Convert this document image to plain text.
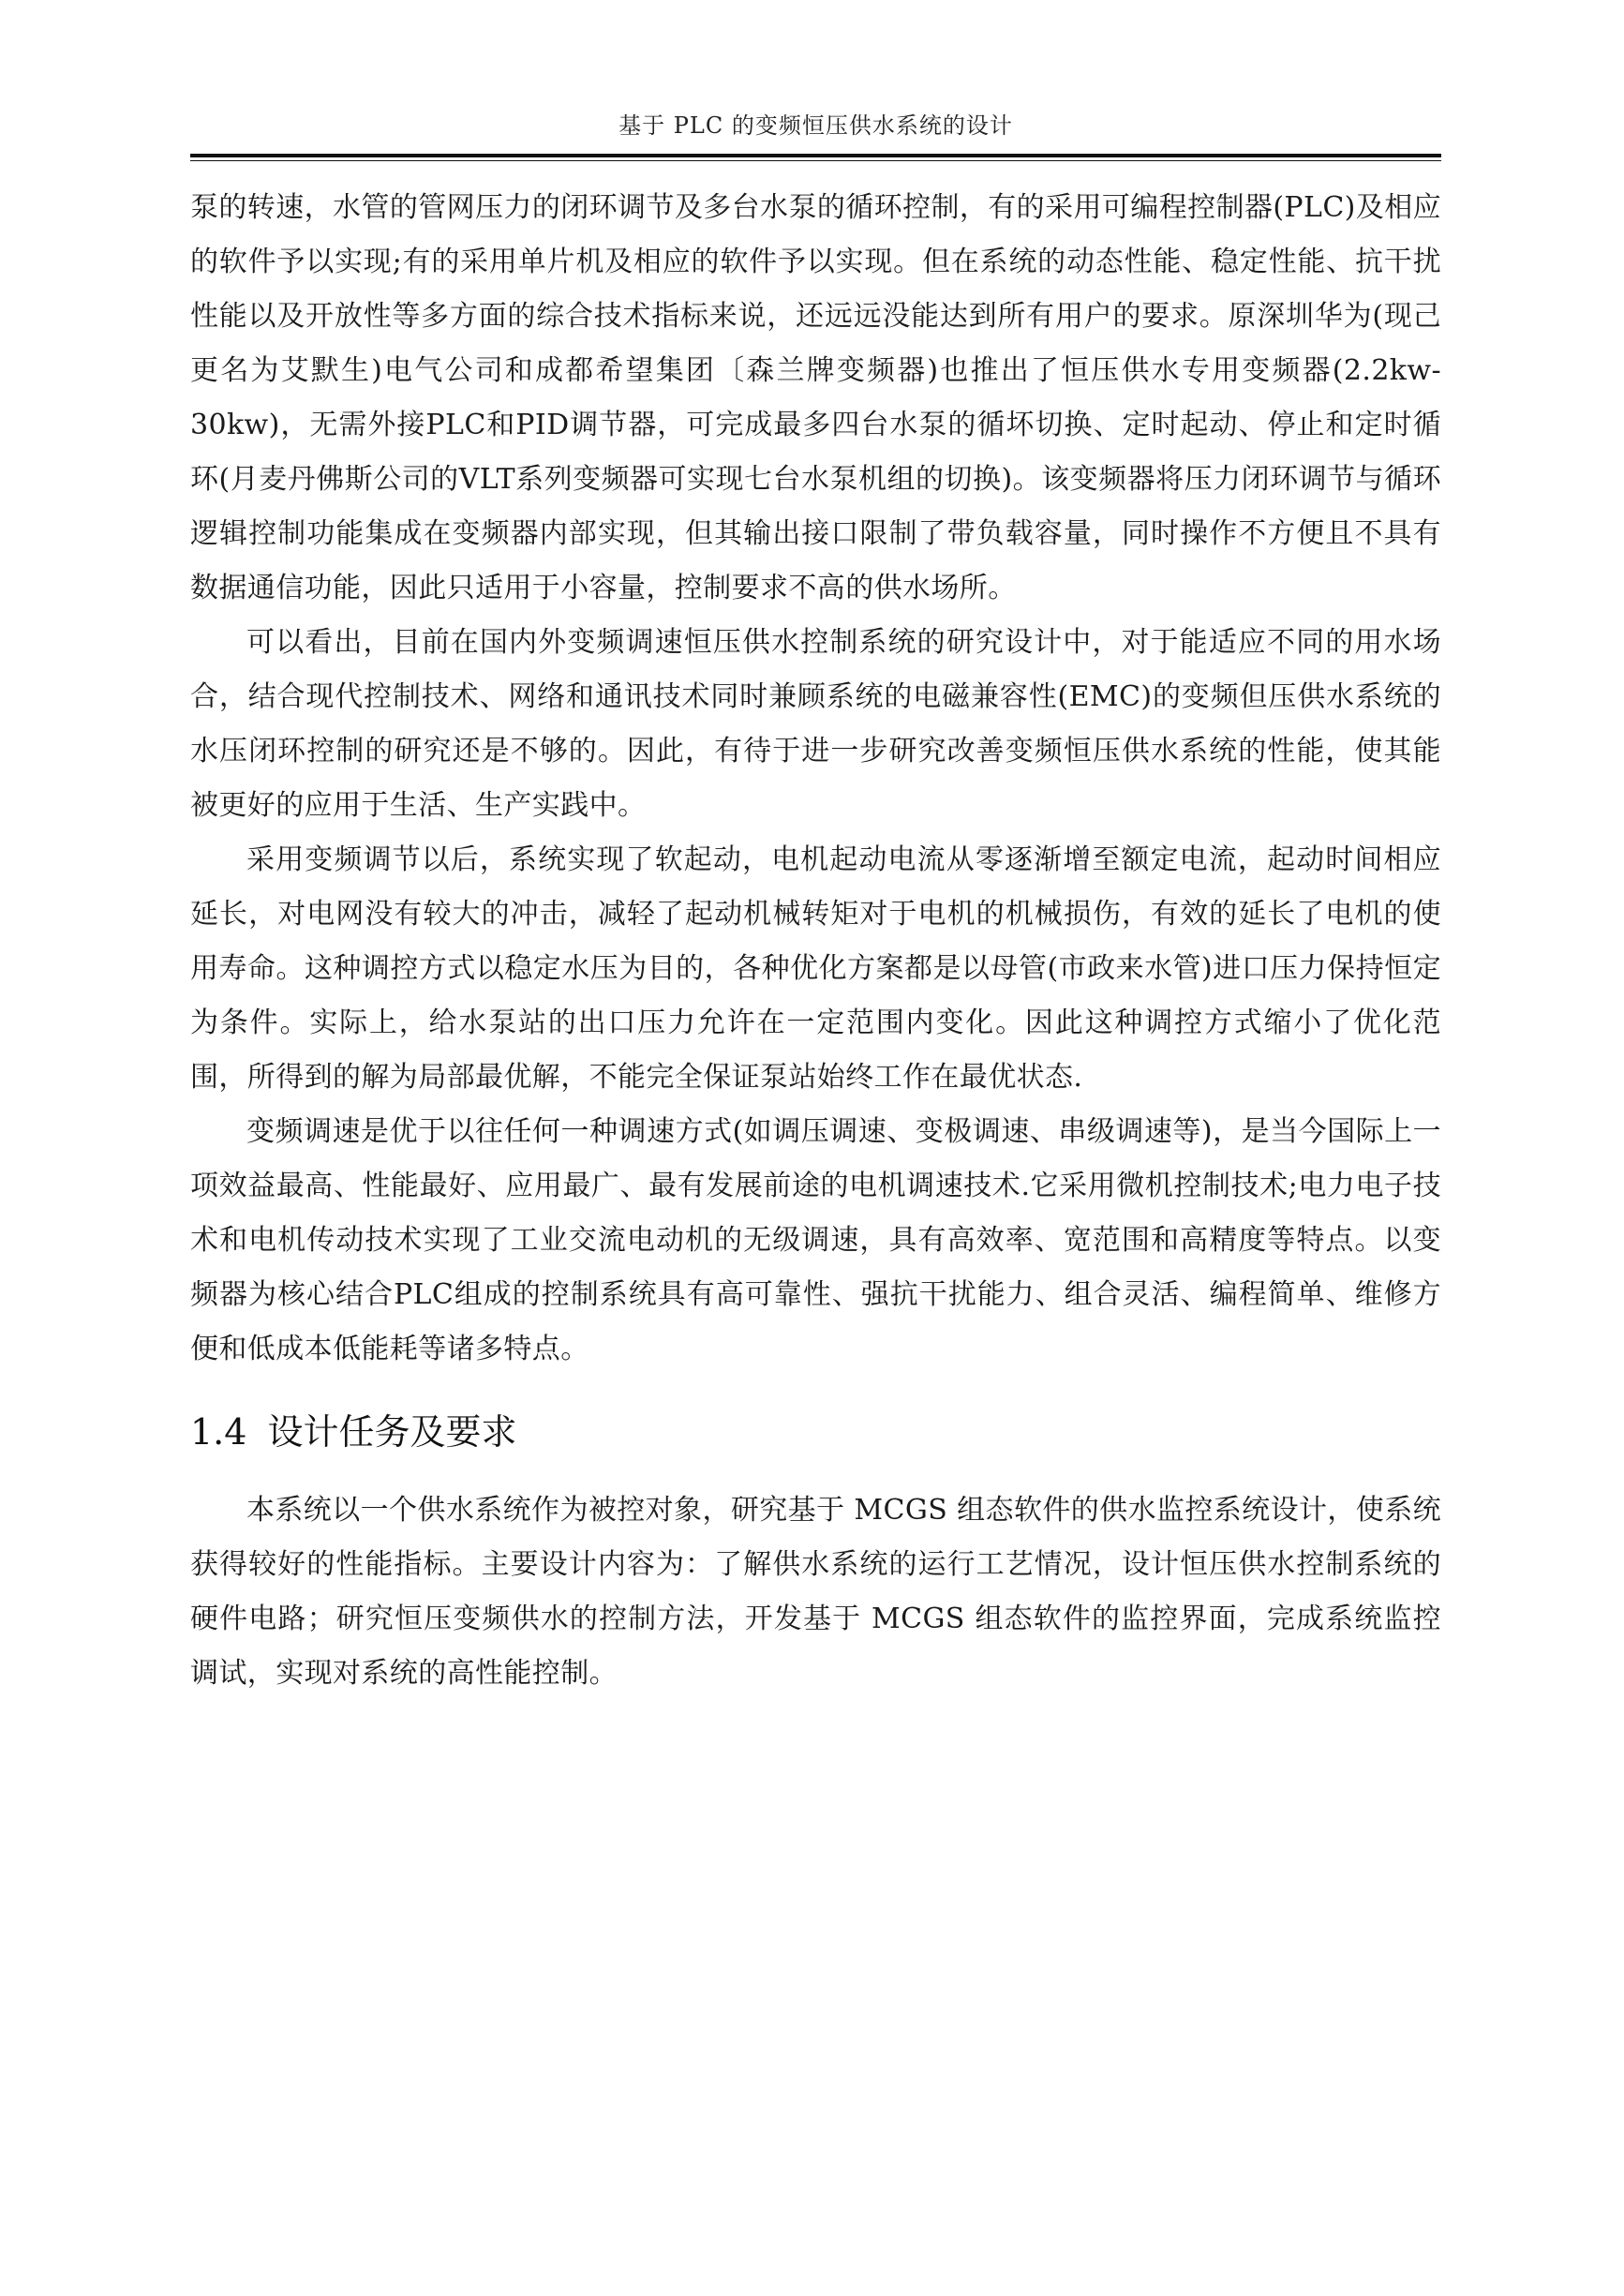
基于 PLC 的变频恒压供水系统的设计

泵的转速，水管的管网压力的闭环调节及多台水泵的循环控制，有的采用可编程控制器(PLC)及相应的软件予以实现;有的采用单片机及相应的软件予以实现。但在系统的动态性能、稳定性能、抗干扰性能以及开放性等多方面的综合技术指标来说，还远远没能达到所有用户的要求。原深圳华为(现己更名为艾默生)电气公司和成都希望集团〔森兰牌变频器)也推出了恒压供水专用变频器(2.2kw-30kw)，无需外接PLC和PID调节器，可完成最多四台水泵的循坏切换、定时起动、停止和定时循环(月麦丹佛斯公司的VLT系列变频器可实现七台水泵机组的切换)。该变频器将压力闭环调节与循环逻辑控制功能集成在变频器内部实现，但其输出接口限制了带负载容量，同时操作不方便且不具有数据通信功能，因此只适用于小容量，控制要求不高的供水场所。

可以看出，目前在国内外变频调速恒压供水控制系统的研究设计中，对于能适应不同的用水场合，结合现代控制技术、网络和通讯技术同时兼顾系统的电磁兼容性(EMC)的变频但压供水系统的水压闭环控制的研究还是不够的。因此，有待于进一步研究改善变频恒压供水系统的性能，使其能被更好的应用于生活、生产实践中。

采用变频调节以后，系统实现了软起动，电机起动电流从零逐渐增至额定电流，起动时间相应延长，对电网没有较大的冲击，减轻了起动机械转矩对于电机的机械损伤，有效的延长了电机的使用寿命。这种调控方式以稳定水压为目的，各种优化方案都是以母管(市政来水管)进口压力保持恒定为条件。实际上，给水泵站的出口压力允许在一定范围内变化。因此这种调控方式缩小了优化范围，所得到的解为局部最优解，不能完全保证泵站始终工作在最优状态.

变频调速是优于以往任何一种调速方式(如调压调速、变极调速、串级调速等)，是当今国际上一项效益最高、性能最好、应用最广、最有发展前途的电机调速技术.它采用微机控制技术;电力电子技术和电机传动技术实现了工业交流电动机的无级调速，具有高效率、宽范围和高精度等特点。以变频器为核心结合PLC组成的控制系统具有高可靠性、强抗干扰能力、组合灵活、编程简单、维修方便和低成本低能耗等诸多特点。

1.4 设计任务及要求

本系统以一个供水系统作为被控对象，研究基于 MCGS 组态软件的供水监控系统设计，使系统获得较好的性能指标。主要设计内容为：了解供水系统的运行工艺情况，设计恒压供水控制系统的硬件电路；研究恒压变频供水的控制方法，开发基于 MCGS 组态软件的监控界面，完成系统监控调试，实现对系统的高性能控制。
